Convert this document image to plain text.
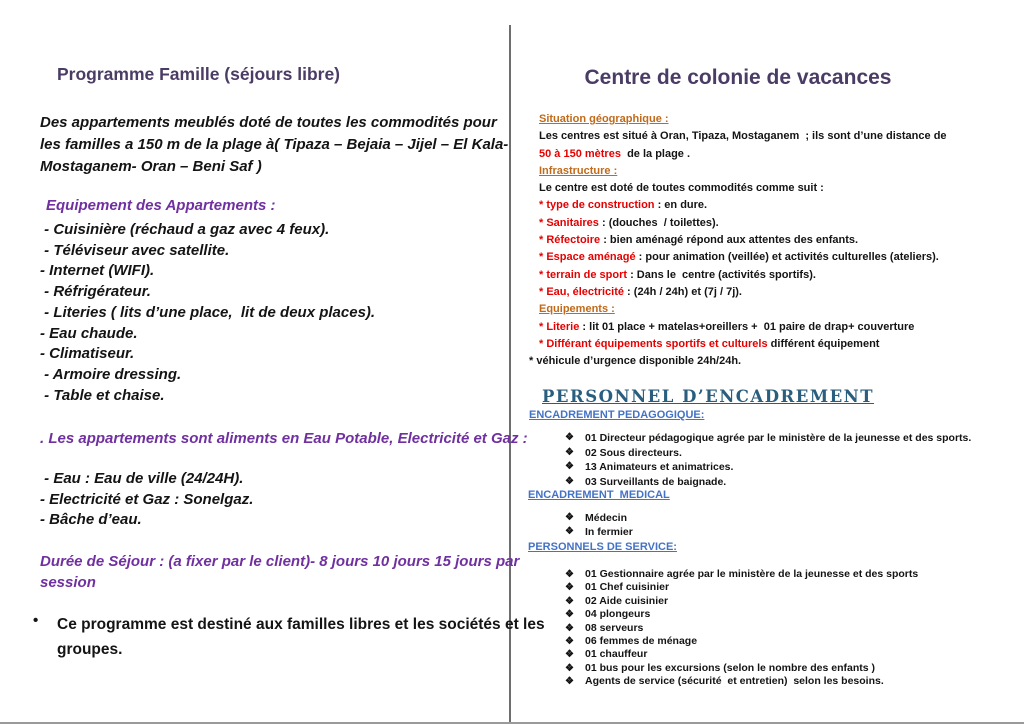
Programme Famille (séjours libre)
Des appartements meublés doté de toutes les commodités pour les familles a 150 m de la plage à( Tipaza – Bejaia – Jijel – El Kala- Mostaganem- Oran – Beni Saf )
Equipement des Appartements :
- Cuisinière (réchaud a gaz avec 4 feux).
- Téléviseur avec satellite.
- Internet (WIFI).
- Réfrigérateur.
- Literies ( lits d’une place,  lit de deux places).
- Eau chaude.
- Climatiseur.
- Armoire dressing.
- Table et chaise.
. Les appartements sont aliments en Eau Potable, Electricité et Gaz :
- Eau : Eau de ville (24/24H).
- Electricité et Gaz : Sonelgaz.
- Bâche d’eau.
Durée de Séjour : (a fixer par le client)- 8 jours 10 jours 15 jours par session
• Ce programme est destiné aux familles libres et les sociétés et les groupes.
Centre de colonie de vacances
Situation géographique :
Les centres est situé à Oran, Tipaza, Mostaganem  ; ils sont d’une distance de
50 à 150 mètres  de la plage .
Infrastructure :
Le centre est doté de toutes commodités comme suit :
* type de construction : en dure.
* Sanitaires : (douches  / toilettes).
* Réfectoire : bien aménagé répond aux attentes des enfants.
* Espace aménagé : pour animation (veillée) et activités culturelles (ateliers).
* terrain de sport : Dans le  centre (activités sportifs).
* Eau, électricité : (24h / 24h) et (7j / 7j).
Equipements :
* Literie : lit 01 place + matelas+oreillers +  01 paire de drap+ couverture
* Différant équipements sportifs et culturels différent équipement
* véhicule d’urgence disponible 24h/24h.
PERSONNEL D’ENCADREMENT
ENCADREMENT PEDAGOGIQUE:
❖	01 Directeur pédagogique agrée par le ministère de la jeunesse et des sports.
❖	02 Sous directeurs.
❖	13 Animateurs et animatrices.
❖	03 Surveillants de baignade.
ENCADREMENT  MEDICAL
❖	Médecin
❖	In fermier
PERSONNELS DE SERVICE:
❖	01 Gestionnaire agrée par le ministère de la jeunesse et des sports
❖	01 Chef cuisinier
❖	02 Aide cuisinier
❖	04 plongeurs
❖	08 serveurs
❖	06 femmes de ménage
❖	01 chauffeur
❖	01 bus pour les excursions (selon le nombre des enfants )
❖	Agents de service (sécurité  et entretien)  selon les besoins.
